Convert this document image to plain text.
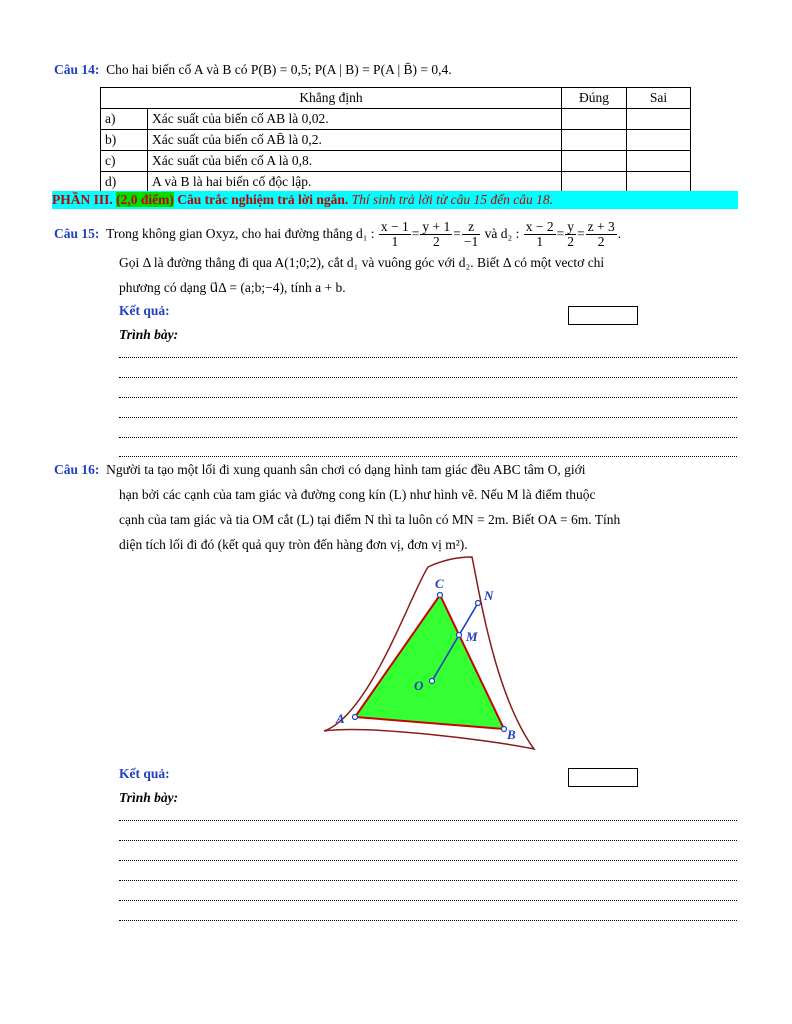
Câu 14: Cho hai biến cố A và B có P(B) = 0,5; P(A | B) = P(A | B̄) = 0,4.
Khẳng định		Đúng	Sai
a)	Xác suất của biến cố AB là 0,02.		
b)	Xác suất của biến cố AB̄ là 0,2.		
c)	Xác suất của biến cố A là 0,8.		
d)	A và B là hai biến cố độc lập.		
PHẦN III. (2,0 điểm) Câu trắc nghiệm trả lời ngắn. Thí sinh trả lời từ câu 15 đến câu 18.
Câu 15: Trong không gian Oxyz, cho hai đường thẳng d₁ : $\frac{x - 1}{1} = \frac{y + 1}{2} = \frac{z}{-1}$ và d₂ : $\frac{x - 2}{1} = \frac{y}{2} = \frac{z + 3}{2}$ .
Gọi Δ là đường thẳng đi qua A(1;0;2), cắt d₁ và vuông góc với d₂. Biết Δ có một vectơ chỉ
phương có dạng u⃗Δ = (a;b;−4), tính a + b.
Kết quả:
Trình bày:
Câu 16: Người ta tạo một lối đi xung quanh sân chơi có dạng hình tam giác đều ABC tâm O, giới
hạn bởi các cạnh của tam giác và đường cong kín (L) như hình vẽ. Nếu M là điểm thuộc
cạnh của tam giác và tia OM cắt (L) tại điểm N thì ta luôn có MN = 2m. Biết OA = 6m. Tính
diện tích lối đi đó (kết quả quy tròn đến hàng đơn vị, đơn vị m²).
A
B
C
O
M
N
Kết quả:
Trình bày:
